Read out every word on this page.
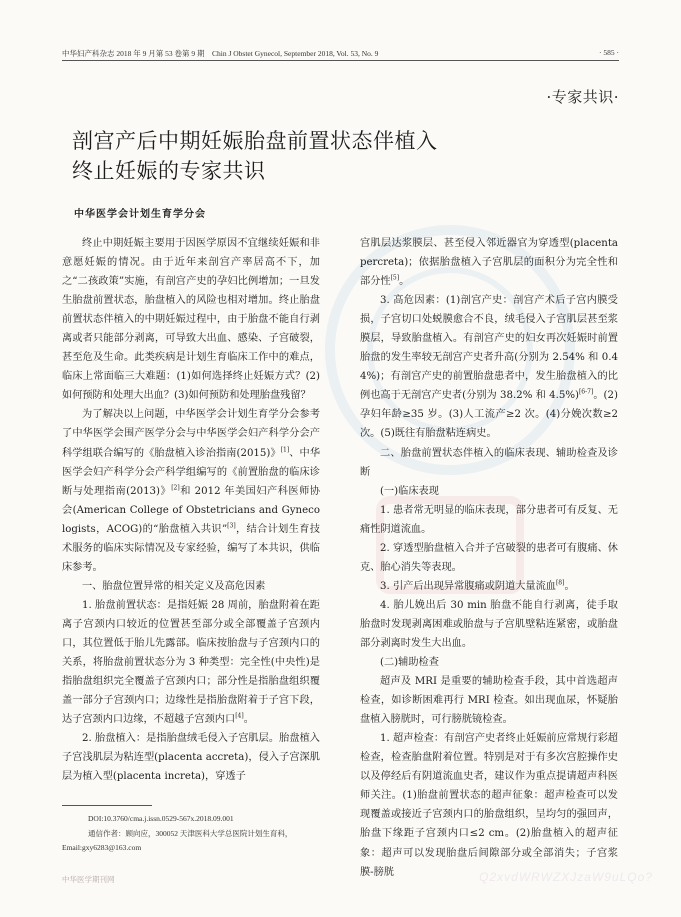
中华妇产科杂志 2018 年 9 月第 53 卷第 9 期　Chin J Obstet Gynecol, September 2018, Vol. 53, No. 9	· 585 ·
·专家共识·
剖宫产后中期妊娠胎盘前置状态伴植入
终止妊娠的专家共识
中华医学会计划生育学分会

终止中期妊娠主要用于因医学原因不宜继续妊娠和非意愿妊娠的情况。由于近年来剖宫产率居高不下，加之“二孩政策”实施，有剖宫产史的孕妇比例增加；一旦发生胎盘前置状态，胎盘植入的风险也相对增加。终止胎盘前置状态伴植入的中期妊娠过程中，由于胎盘不能自行剥离或者只能部分剥离，可导致大出血、感染、子宫破裂，甚至危及生命。此类疾病是计划生育临床工作中的难点，临床上常面临三大难题：(1)如何选择终止妊娠方式？(2)如何预防和处理大出血？(3)如何预防和处理胎盘残留？

为了解决以上问题，中华医学会计划生育学分会参考了中华医学会围产医学分会与中华医学会妇产科学分会产科学组联合编写的《胎盘植入诊治指南(2015)》[1]、中华医学会妇产科学分会产科学组编写的《前置胎盘的临床诊断与处理指南(2013)》[2]和 2012 年美国妇产科医师协会(American College of Obstetricians and Gynecologists，ACOG)的“胎盘植入共识”[3]，结合计划生育技术服务的临床实际情况及专家经验，编写了本共识，供临床参考。

一、胎盘位置异常的相关定义及高危因素

1. 胎盘前置状态：是指妊娠 28 周前，胎盘附着在距离子宫颈内口较近的位置甚至部分或全部覆盖子宫颈内口，其位置低于胎儿先露部。临床按胎盘与子宫颈内口的关系，将胎盘前置状态分为 3 种类型：完全性(中央性)是指胎盘组织完全覆盖子宫颈内口；部分性是指胎盘组织覆盖一部分子宫颈内口；边缘性是指胎盘附着于子宫下段，达子宫颈内口边缘，不超越子宫颈内口[4]。

2. 胎盘植入：是指胎盘绒毛侵入子宫肌层。胎盘植入子宫浅肌层为粘连型(placenta accreta)，侵入子宫深肌层为植入型(placenta increta)，穿透子

宫肌层达浆膜层、甚至侵入邻近器官为穿透型(placenta percreta)；依据胎盘植入子宫肌层的面积分为完全性和部分性[5]。

3. 高危因素：(1)剖宫产史：剖宫产术后子宫内膜受损，子宫切口处蜕膜愈合不良，绒毛侵入子宫肌层甚至浆膜层，导致胎盘植入。有剖宫产史的妇女再次妊娠时前置胎盘的发生率较无剖宫产史者升高(分别为 2.54% 和 0.44%)；有剖宫产史的前置胎盘患者中，发生胎盘植入的比例也高于无剖宫产史者(分别为 38.2% 和 4.5%)[6-7]。(2)孕妇年龄≥35 岁。(3)人工流产≥2 次。(4)分娩次数≥2 次。(5)既往有胎盘粘连病史。

二、胎盘前置状态伴植入的临床表现、辅助检查及诊断

(一)临床表现

1. 患者常无明显的临床表现，部分患者可有反复、无痛性阴道流血。

2. 穿透型胎盘植入合并子宫破裂的患者可有腹痛、休克、胎心消失等表现。

3. 引产后出现异常腹痛或阴道大量流血[8]。

4. 胎儿娩出后 30 min 胎盘不能自行剥离，徒手取胎盘时发现剥离困难或胎盘与子宫肌壁粘连紧密，或胎盘部分剥离时发生大出血。

(二)辅助检查

超声及 MRI 是重要的辅助检查手段，其中首选超声检查，如诊断困难再行 MRI 检查。如出现血尿，怀疑胎盘植入膀胱时，可行膀胱镜检查。

1. 超声检查：有剖宫产史者终止妊娠前应常规行彩超检查，检查胎盘附着位置。特别是对于有多次宫腔操作史以及停经后有阴道流血史者，建议作为重点提请超声科医师关注。(1)胎盘前置状态的超声征象：超声检查可以发现覆盖或接近子宫颈内口的胎盘组织，呈均匀的强回声，胎盘下缘距子宫颈内口≤2 cm。(2)胎盘植入的超声征象：超声可以发现胎盘后间隙部分或全部消失；子宫浆膜-膀胱

DOI:10.3760/cma.j.issn.0529-567x.2018.09.001
通信作者：顾向应，300052 天津医科大学总医院计划生育科，
Email:gxy6283@163.com
中华医学期刊网	Q2xvdWRWZXJzaW9uLQo?
